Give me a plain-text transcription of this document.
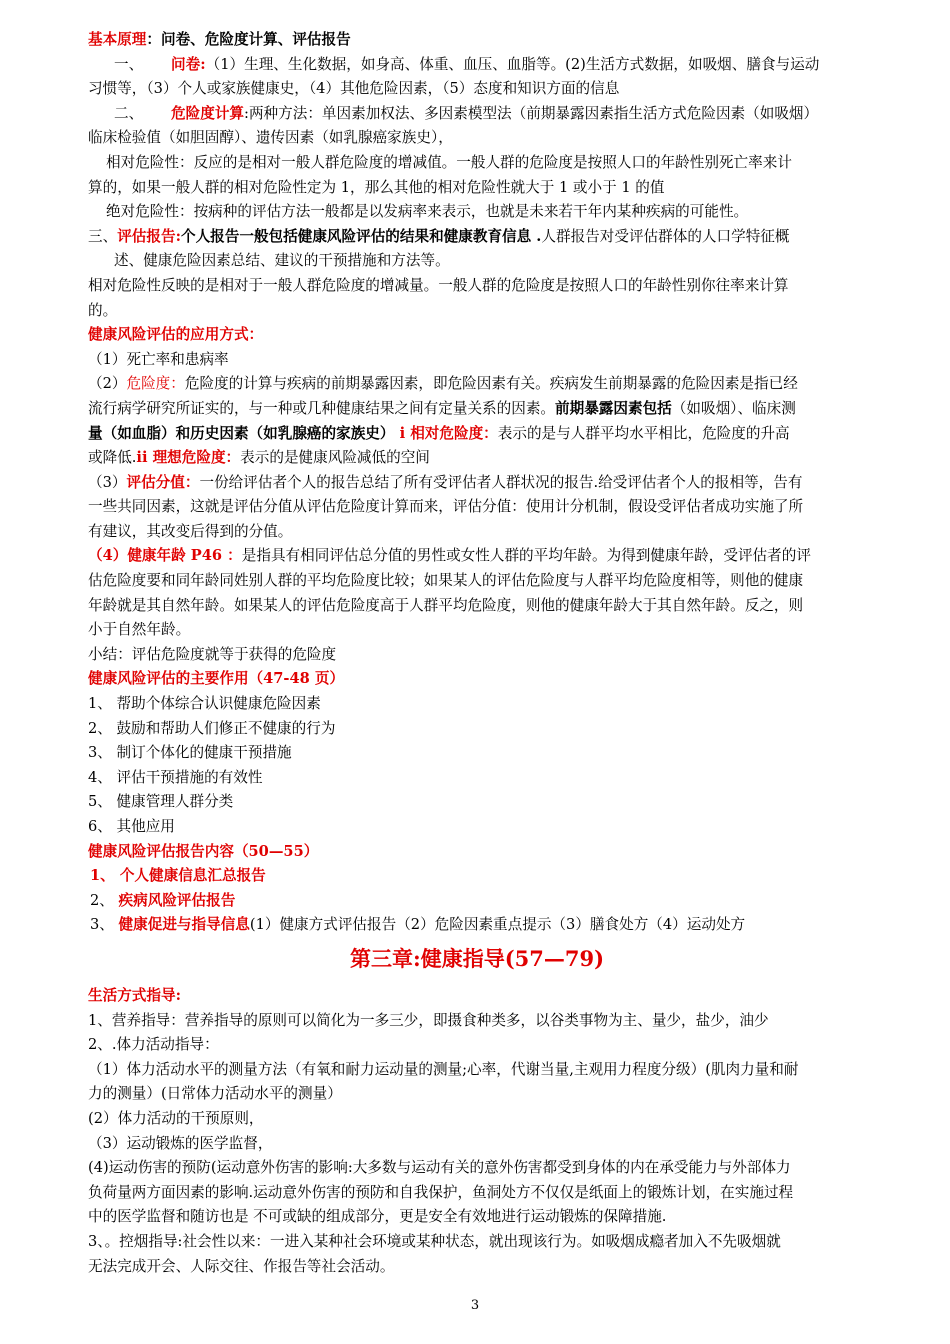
基本原理：问卷、危险度计算、评估报告
一、 问卷:（1）生理、生化数据，如身高、体重、血压、血脂等。(2)生活方式数据，如吸烟、膳食与运动
习惯等，（3）个人或家族健康史，（4）其他危险因素，（5）态度和知识方面的信息
二、 危险度计算:两种方法：单因素加权法、多因素模型法（前期暴露因素指生活方式危险因素（如吸烟）
临床检验值（如胆固醇）、遗传因素（如乳腺癌家族史），
相对危险性：反应的是相对一般人群危险度的增减值。一般人群的危险度是按照人口的年龄性别死亡率来计
算的，如果一般人群的相对危险性定为 1，那么其他的相对危险性就大于 1 或小于 1 的值
绝对危险性：按病种的评估方法一般都是以发病率来表示，也就是未来若干年内某种疾病的可能性。
三、评估报告:个人报告一般包括健康风险评估的结果和健康教育信息 .人群报告对受评估群体的人口学特征概
述、健康危险因素总结、建议的干预措施和方法等。
相对危险性反映的是相对于一般人群危险度的增减量。一般人群的危险度是按照人口的年龄性别你往率来计算
的。
健康风险评估的应用方式：
（1）死亡率和患病率
（2）危险度：危险度的计算与疾病的前期暴露因素，即危险因素有关。疾病发生前期暴露的危险因素是指已经
流行病学研究所证实的，与一种或几种健康结果之间有定量关系的因素。前期暴露因素包括（如吸烟）、临床测
量（如血脂）和历史因素（如乳腺癌的家族史） i 相对危险度：表示的是与人群平均水平相比，危险度的升高
或降低.ii 理想危险度：表示的是健康风险减低的空间
（3）评估分值：一份给评估者个人的报告总结了所有受评估者人群状况的报告.给受评估者个人的报相等，告有
一些共同因素，这就是评估分值从评估危险度计算而来，评估分值：使用计分机制，假设受评估者成功实施了所
有建议，其改变后得到的分值。
（4）健康年龄 P46 ：是指具有相同评估总分值的男性或女性人群的平均年龄。为得到健康年龄，受评估者的评
估危险度要和同年龄同姓别人群的平均危险度比较；如果某人的评估危险度与人群平均危险度相等，则他的健康
年龄就是其自然年龄。如果某人的评估危险度高于人群平均危险度，则他的健康年龄大于其自然年龄。反之，则
小于自然年龄。
小结：评估危险度就等于获得的危险度
健康风险评估的主要作用（47-48 页）
1、 帮助个体综合认识健康危险因素
2、 鼓励和帮助人们修正不健康的行为
3、 制订个体化的健康干预措施
4、 评估干预措施的有效性
5、 健康管理人群分类
6、 其他应用
健康风险评估报告内容（50—55）
1、 个人健康信息汇总报告
2、 疾病风险评估报告
3、 健康促进与指导信息(1）健康方式评估报告（2）危险因素重点提示（3）膳食处方（4）运动处方
第三章:健康指导(57—79)
生活方式指导:
1、营养指导：营养指导的原则可以简化为一多三少，即摄食种类多，以谷类事物为主、量少，盐少，油少
2、.体力活动指导：
（1）体力活动水平的测量方法（有氧和耐力运动量的测量;心率，代谢当量,主观用力程度分级）(肌肉力量和耐
力的测量）(日常体力活动水平的测量）
(2）体力活动的干预原则，
（3）运动锻炼的医学监督，
(4)运动伤害的预防(运动意外伤害的影响:大多数与运动有关的意外伤害都受到身体的内在承受能力与外部体力
负荷量两方面因素的影响.运动意外伤害的预防和自我保护，鱼洞处方不仅仅是纸面上的锻炼计划，在实施过程
中的医学监督和随访也是 不可或缺的组成部分，更是安全有效地进行运动锻炼的保障措施.
3、。控烟指导:社会性以来：一进入某种社会环境或某种状态，就出现该行为。如吸烟成瘾者加入不先吸烟就
无法完成开会、人际交往、作报告等社会活动。
3
